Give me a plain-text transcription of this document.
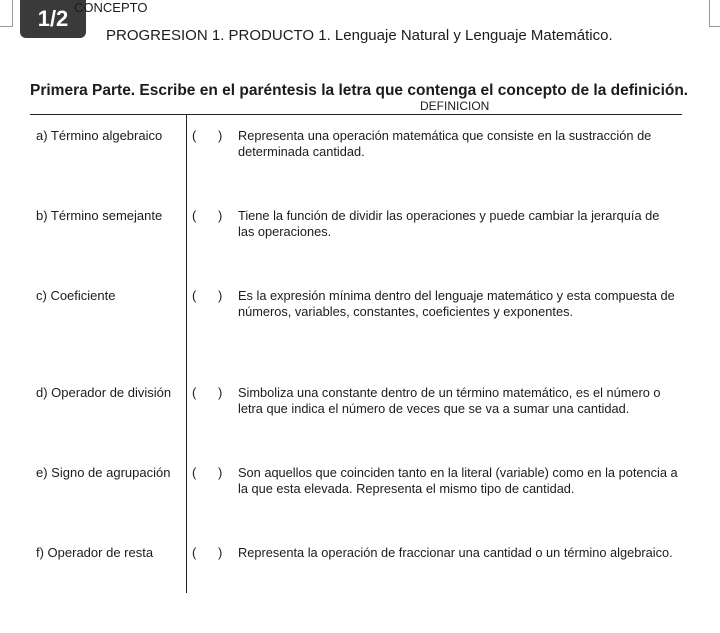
1/2
PROGRESION 1. PRODUCTO 1. Lenguaje Natural y Lenguaje Matemático.
Primera Parte. Escribe en el paréntesis la letra que contenga el concepto de la definición.
CONCEPTO
DEFINICION
a) Término algebraico (      ) Representa una operación matemática que consiste en la sustracción de determinada cantidad.
b) Término semejante (      ) Tiene la función de dividir las operaciones y puede cambiar la jerarquía de las operaciones.
c) Coeficiente	(      ) Es la expresión mínima dentro del lenguaje matemático y esta compuesta de números, variables, constantes, coeficientes y exponentes.
d) Operador de división (      ) Simboliza una constante dentro de un término matemático, es el número o letra que indica el número de veces que se va a sumar una cantidad.
e) Signo de agrupación (      ) Son aquellos que coinciden tanto en la literal (variable) como en la potencia a la que esta elevada. Representa el mismo tipo de cantidad.
f) Operador de resta	(      ) Representa la operación de fraccionar una cantidad o un término algebraico.
